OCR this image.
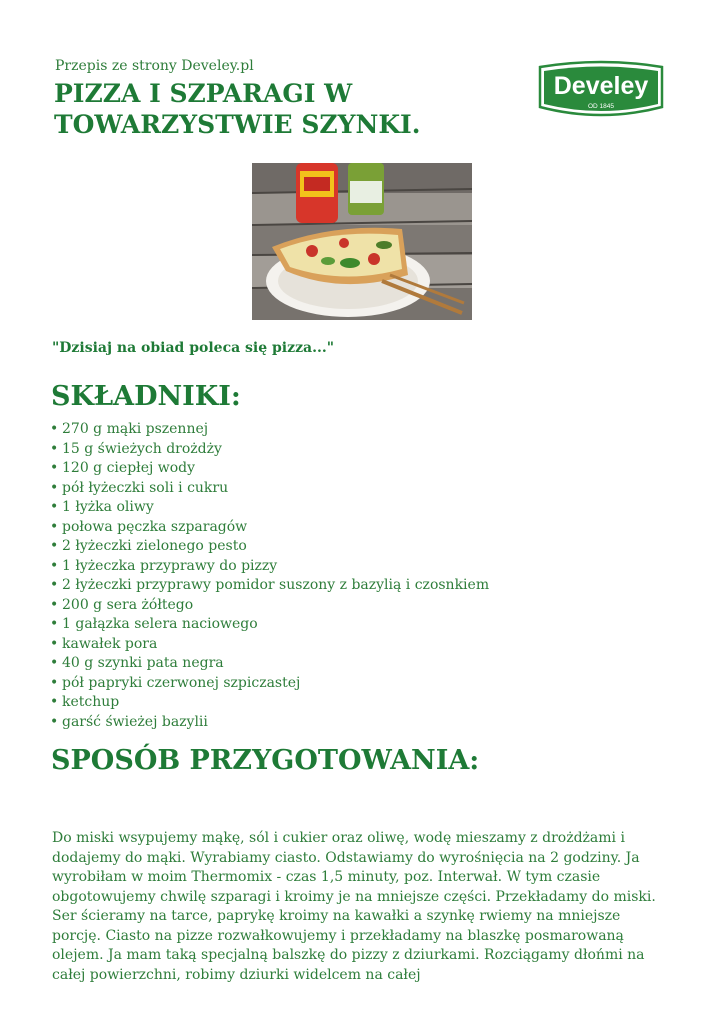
Przepis ze strony Develey.pl
PIZZA I SZPARAGI W
TOWARZYSTWIE SZYNKI.
Develey
OD 1845
"Dzisiaj na obiad poleca się pizza..."
SKŁADNIKI:
• 270 g mąki pszennej
• 15 g świeżych drożdży
• 120 g ciepłej wody
• pół łyżeczki soli i cukru
• 1 łyżka oliwy
• połowa pęczka szparagów
• 2 łyżeczki zielonego pesto
• 1 łyżeczka przyprawy do pizzy
• 2 łyżeczki przyprawy pomidor suszony z bazylią i czosnkiem
• 200 g sera żółtego
• 1 gałązka selera naciowego
• kawałek pora
• 40 g szynki pata negra
• pół papryki czerwonej szpiczastej
• ketchup
• garść świeżej bazylii
SPOSÓB PRZYGOTOWANIA:

Do miski wsypujemy mąkę, sól i cukier oraz oliwę, wodę mieszamy z drożdżami i dodajemy do mąki. Wyrabiamy ciasto. Odstawiamy do wyrośnięcia na 2 godziny. Ja wyrobiłam w moim Thermomix - czas 1,5 minuty, poz. Interwał. W tym czasie obgotowujemy chwilę szparagi i kroimy je na mniejsze części. Przekładamy do miski. Ser ścieramy na tarce, paprykę kroimy na kawałki a szynkę rwiemy na mniejsze porcję. Ciasto na pizze rozwałkowujemy i przekładamy na blaszkę posmarowaną olejem. Ja mam taką specjalną balszkę do pizzy z dziurkami. Rozciągamy dłońmi na całej powierzchni, robimy dziurki widelcem na całej
